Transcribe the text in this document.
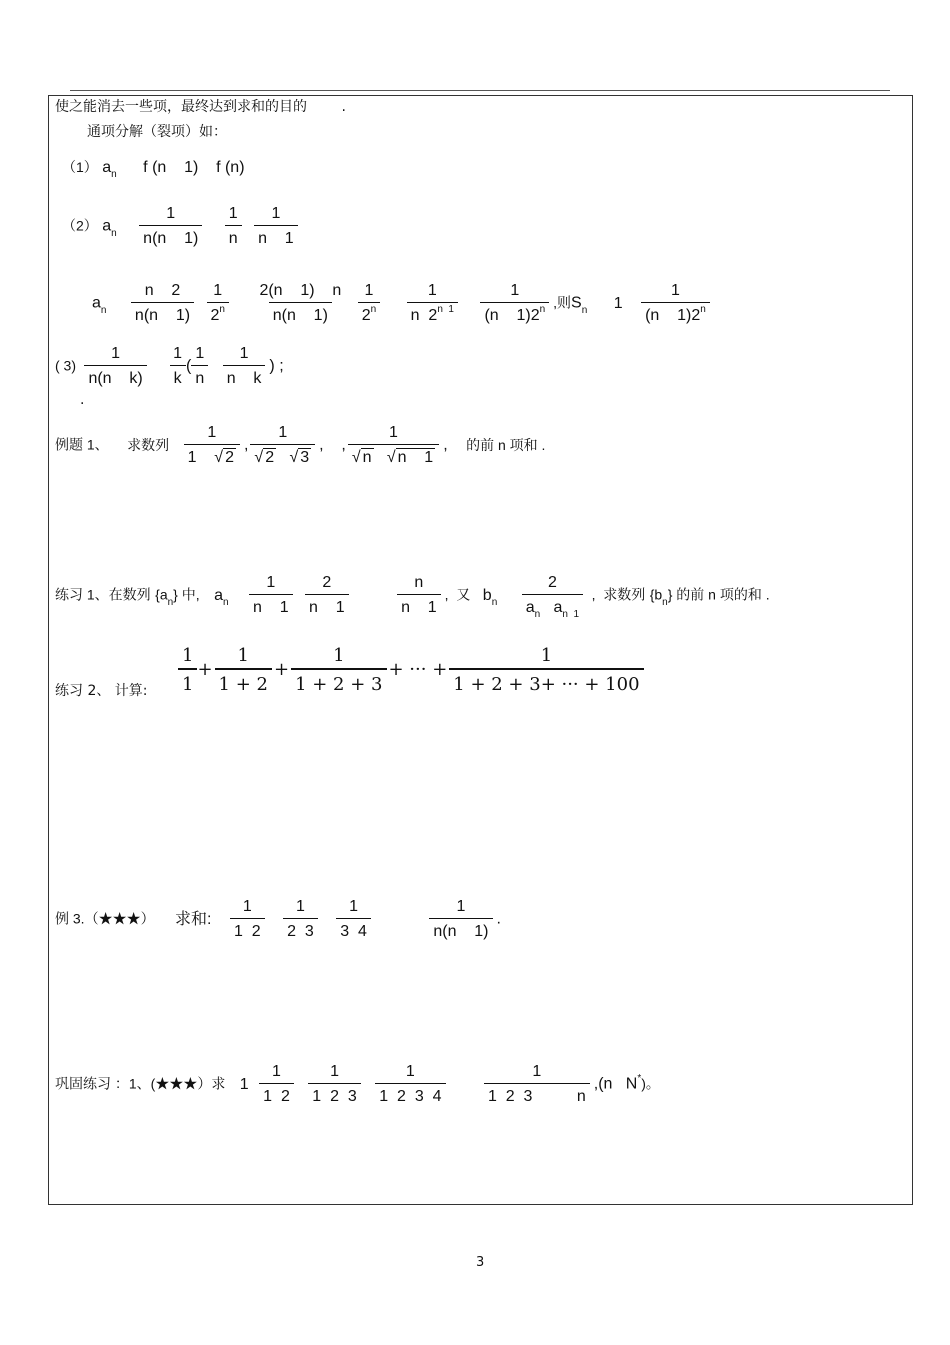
使之能消去一些项，最终达到求和的目的 .
通项分解（裂项）如：
（1） $a_n$ f (n    1)    f (n)
（2） $a_n \frac{1}{n(n 1)}$
$\frac{1}{n}$
$\frac{1}{n 1}$
$a_n \frac{n 2}{n(n 1)}$
$\frac{1}{2^n}$
$\frac{2(n 1) n}{n(n 1)}$
$\frac{1}{2^n}$
$\frac{1}{n 2^{n 1}}$
$\frac{1}{(n 1)2^n}$ ,则$S_n$ $1 \frac{1}{(n 1)2^n}$
( $3) \frac{1}{\text{n(n    k)}}$
$\frac{1}{k}$ ( $\frac{1}{n}$
$\frac{1}{\text{n    k}}$ ) ;
.
例题 1、 求数列 $\frac{1}{1 √ 2}$ , $\frac{1}{√ 2 √ 3}$ ,    , $\frac{1}{√ n √ n 1}$ , 的前 n 项和 .
练习 1、在数列 $\{a_n\}$ 中, $a_n \frac{1}{n 1}$
$\frac{2}{n 1}$
	$\frac{n}{n 1}$ ,  又 $b_n \frac{2}{a_n a_{n 1}}$ ,  求数列 $\{b_n\}$ 的前 n 项的和 .
练习 2、 计算: $\frac{1}{1} + \frac{1}{1 + 2} + \frac{1}{1 + 2 + 3}$ + ··· + $\frac{1}{1 + 2 + 3+ \cdot\cdot\cdot + 100}$
例 3.（★★★） 求和: $\frac{1}{1 2}$
$\frac{1}{2 3}$
$\frac{1}{3 4}$
	$\frac{1}{n(n 1)}$ .
巩固练习 ：1、(★★★）求 $1 \frac{1}{1 2}$
$\frac{1}{1 2 3}$
$\frac{1}{1 2 3 4}$
$\frac{1}{1 2 3 n} ,(n$   N*)。
3
